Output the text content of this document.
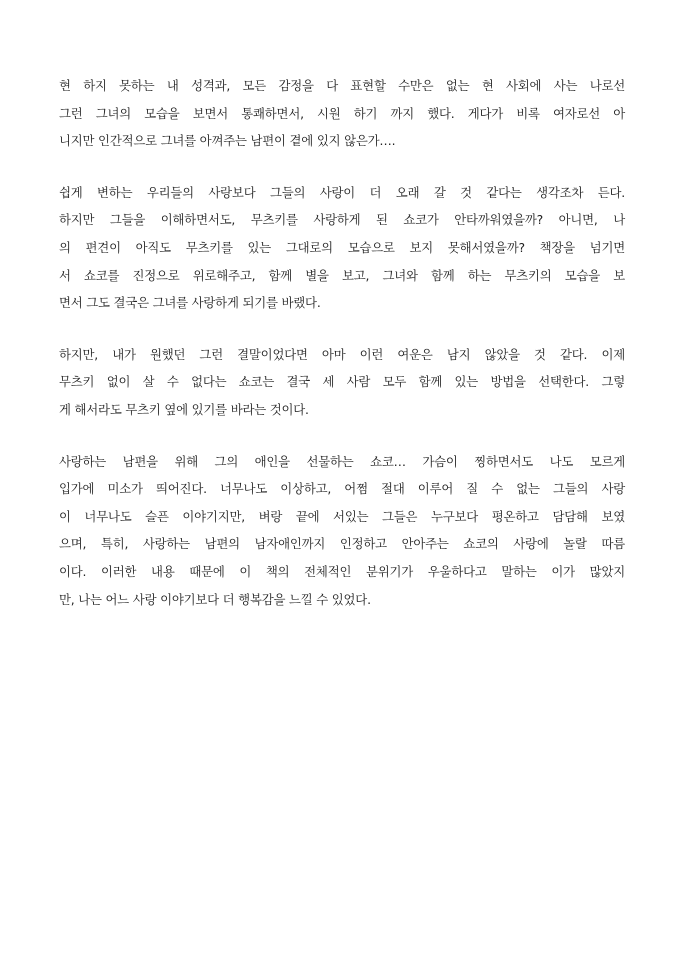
현 하지 못하는 내 성격과, 모든 감정을 다 표현할 수만은 없는 현 사회에 사는 나로선
그런 그녀의 모습을 보면서 통쾌하면서, 시원 하기 까지 했다. 게다가 비록 여자로선 아
니지만 인간적으로 그녀를 아껴주는 남편이 곁에 있지 않은가….
쉽게 변하는 우리들의 사랑보다 그들의 사랑이 더 오래 갈 것 같다는 생각조차 든다.
하지만 그들을 이해하면서도, 무츠키를 사랑하게 된 쇼코가 안타까워였을까? 아니면, 나
의 편견이 아직도 무츠키를 있는 그대로의 모습으로 보지 못해서였을까? 책장을 넘기면
서 쇼코를 진정으로 위로해주고, 함께 별을 보고, 그녀와 함께 하는 무츠키의 모습을 보
면서 그도 결국은 그녀를 사랑하게 되기를 바랬다.
하지만, 내가 원했던 그런 결말이었다면 아마 이런 여운은 남지 않았을 것 같다. 이제
무츠키 없이 살 수 없다는 쇼코는 결국 세 사람 모두 함께 있는 방법을 선택한다. 그렇
게 해서라도 무츠키 옆에 있기를 바라는 것이다.
사랑하는 남편을 위해 그의 애인을 선물하는 쇼코… 가슴이 찡하면서도 나도 모르게
입가에 미소가 띄어진다. 너무나도 이상하고, 어쩜 절대 이루어 질 수 없는 그들의 사랑
이 너무나도 슬픈 이야기지만, 벼랑 끝에 서있는 그들은 누구보다 평온하고 담담해 보였
으며, 특히, 사랑하는 남편의 남자애인까지 인정하고 안아주는 쇼코의 사랑에 놀랄 따름
이다. 이러한 내용 때문에 이 책의 전체적인 분위기가 우울하다고 말하는 이가 많았지
만, 나는 어느 사랑 이야기보다 더 행복감을 느낄 수 있었다.
